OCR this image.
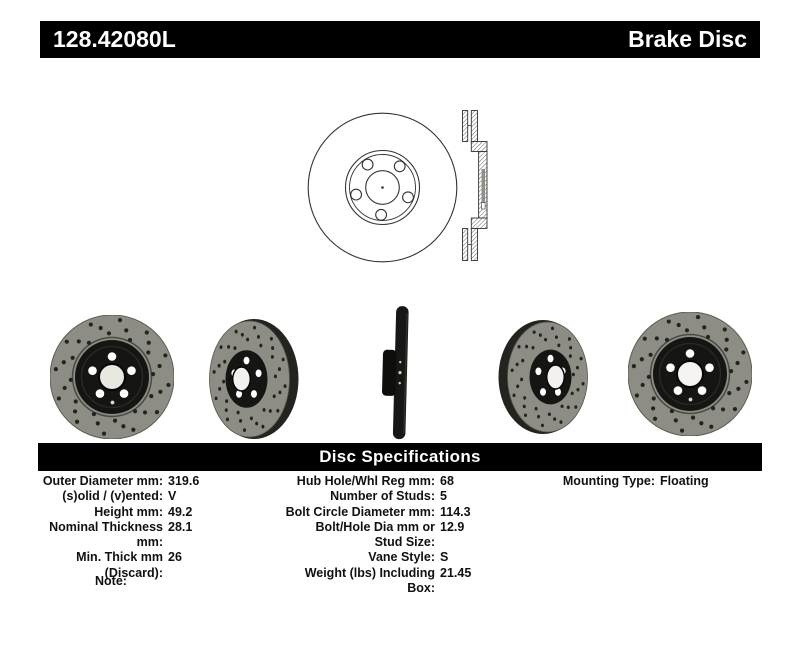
128.42080L	Brake Disc
Disc Specifications
Outer Diameter mm: 319.6
(s)olid / (v)ented: V
Height mm: 49.2
Nominal Thickness mm:
28.1
Min. Thick mm (Discard):
26
Hub Hole/Whl Reg mm: 68
Number of Studs: 5
Bolt Circle Diameter mm: 114.3
Bolt/Hole Dia mm or Stud Size:
12.9
Vane Style: S
Weight (lbs) Including Box:
21.45
Mounting Type: Floating
Note:
